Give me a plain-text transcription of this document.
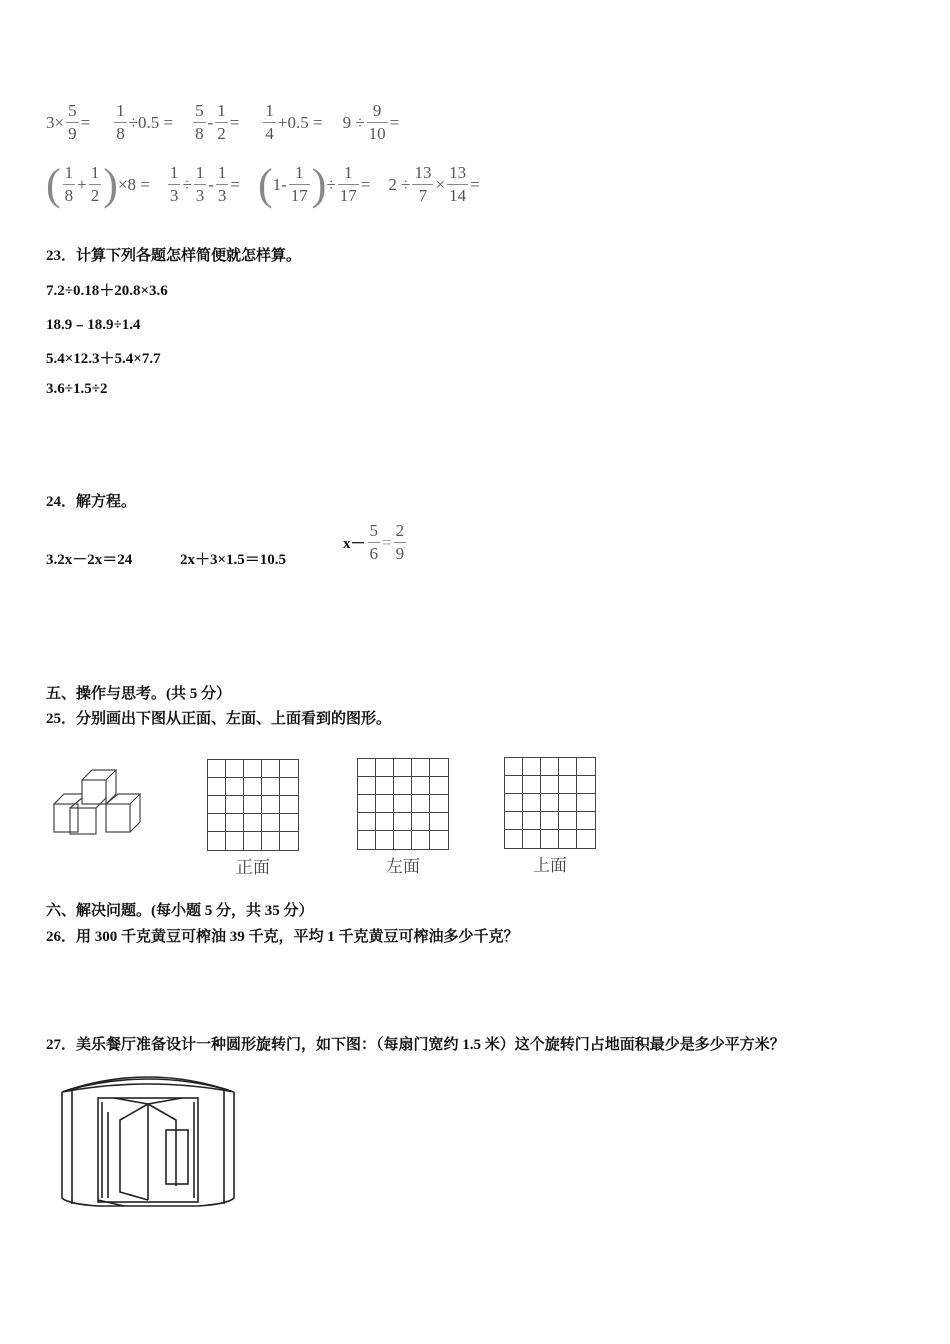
$3\times \frac{5}{9} = \frac{1}{8} \div 0.5 = \frac{5}{8} - \frac{1}{2} = \frac{1}{4} +0.5 = 9 \div \frac{9}{10}$ =
( $\frac{1}{8} + \frac{1}{2}$ ) $\times 8 = \frac{1}{3} \div \frac{1}{3} - \frac{1}{3}$ = ( $1- \frac{1}{17}$ ) ÷ $\frac{1}{17} = 2 \div \frac{13}{7} \times \frac{13}{14}$ =
23．计算下列各题怎样简便就怎样算。
7.2÷0.18＋20.8×3.6
18.9﹣18.9÷1.4
5.4×12.3＋5.4×7.7
3.6÷1.5÷2
24．解方程。
3.2x－2x＝24	2x＋3×1.5＝10.5
$x- \frac{5}{6} = \frac{2}{9}$
五、操作与思考。(共 5 分）
25．分别画出下图从正面、左面、上面看到的图形。
正面	左面	上面
六、解决问题。(每小题 5 分，共 35 分）
26．用 300 千克黄豆可榨油 39 千克，平均 1 千克黄豆可榨油多少千克？
27．美乐餐厅准备设计一种圆形旋转门，如下图：（每扇门宽约 1.5 米）这个旋转门占地面积最少是多少平方米？
